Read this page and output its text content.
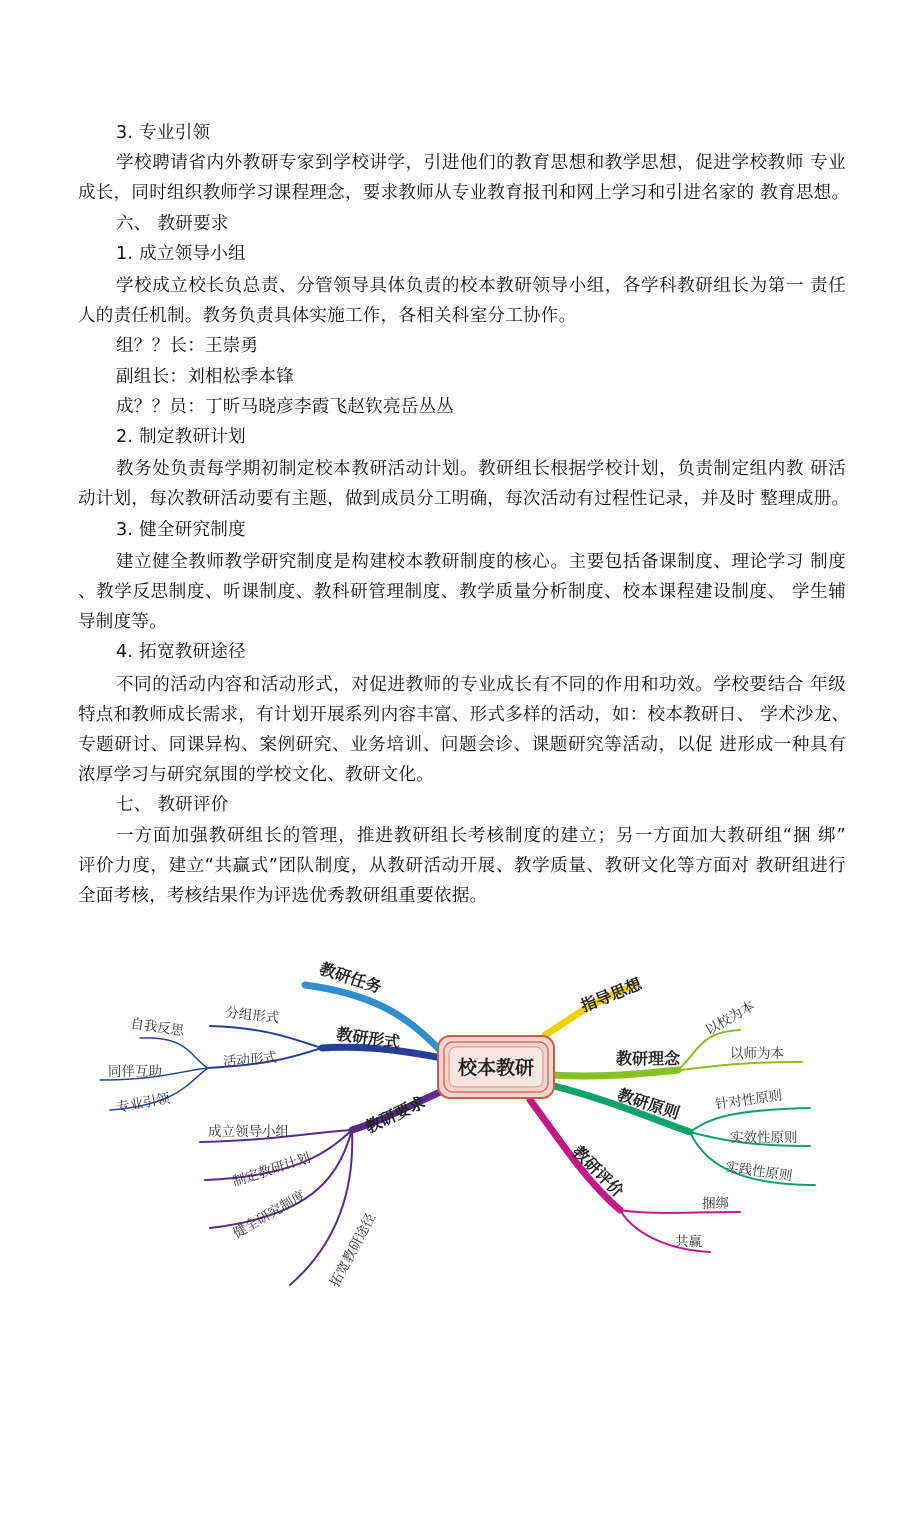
3. 专业引领
学校聘请省内外教研专家到学校讲学，引进他们的教育思想和教学思想，促进学校教师 专业
成长，同时组织教师学习课程理念，要求教师从专业教育报刊和网上学习和引进名家的 教育思想。
六、 教研要求
1. 成立领导小组
学校成立校长负总责、分管领导具体负责的校本教研领导小组，各学科教研组长为第一 责任
人的责任机制。教务负责具体实施工作，各相关科室分工协作。
组？？长：王崇勇
副组长：刘相松季本锋
成？？员：丁昕马晓彦李霞飞赵钦亮岳丛丛
2. 制定教研计划
教务处负责每学期初制定校本教研活动计划。教研组长根据学校计划，负责制定组内教 研活
动计划，每次教研活动要有主题，做到成员分工明确，每次活动有过程性记录，并及时 整理成册。
3. 健全研究制度
建立健全教师教学研究制度是构建校本教研制度的核心。主要包括备课制度、理论学习 制度
、教学反思制度、听课制度、教科研管理制度、教学质量分析制度、校本课程建设制度、 学生辅
导制度等。
4. 拓宽教研途径
不同的活动内容和活动形式，对促进教师的专业成长有不同的作用和功效。学校要结合 年级
特点和教师成长需求，有计划开展系列内容丰富、形式多样的活动，如：校本教研日、 学术沙龙、
专题研讨、同课异构、案例研究、业务培训、问题会诊、课题研究等活动，以促 进形成一种具有
浓厚学习与研究氛围的学校文化、教研文化。
七、 教研评价
一方面加强教研组长的管理，推进教研组长考核制度的建立；另一方面加大教研组“捆 绑”
评价力度，建立“共赢式”团队制度，从教研活动开展、教学质量、教研文化等方面对 教研组进行
全面考核，考核结果作为评选优秀教研组重要依据。
校本教研
教研任务
教研形式
教研要求
指导思想
教研理念
教研原则
教研评价
分组形式
活动形式
自我反思
同伴互助
专业引领
成立领导小组
制定教研计划
健全研究制度 拓宽教研途径
以校为本
以师为本
针对性原则
实效性原则
实践性原则
捆绑
共赢
